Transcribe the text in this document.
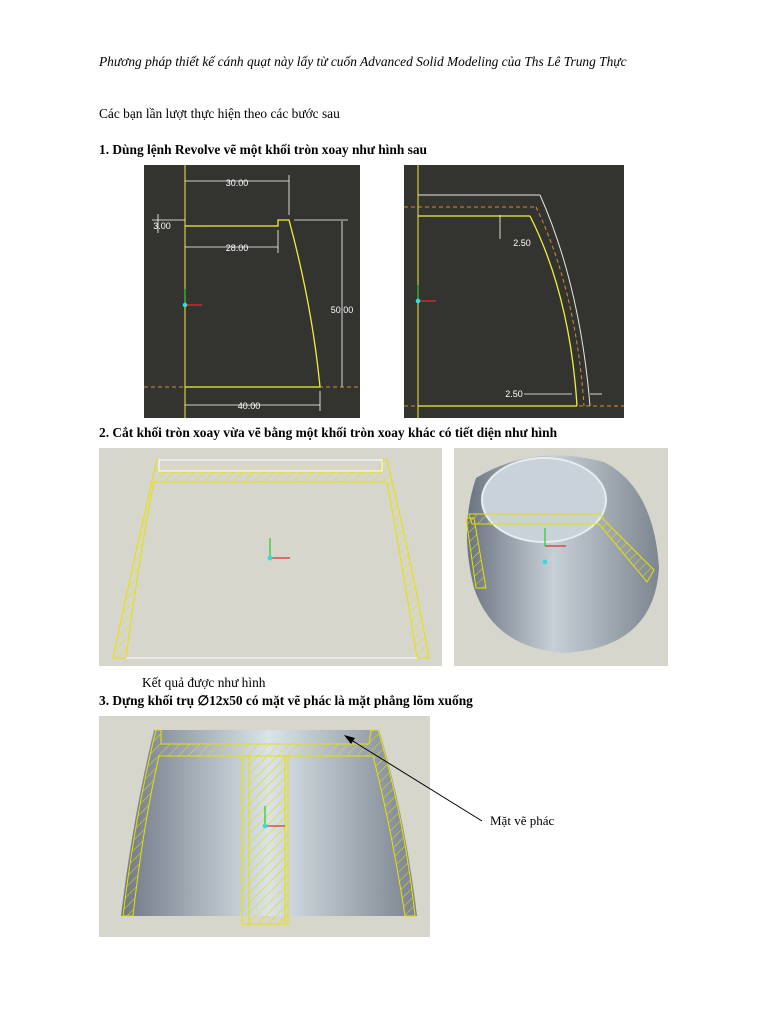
Phương pháp thiết kế cánh quạt này lấy từ cuốn Advanced Solid Modeling của Ths Lê Trung Thực
Các bạn lần lượt thực hiện theo các bước sau
1. Dùng lệnh Revolve vẽ một khối tròn xoay như hình sau
30.00
3.00
28.00
50.00
40.00
2.50
2.50
2. Cắt khối tròn xoay vừa vẽ bằng một khối tròn xoay khác có tiết diện như hình
Kết quả được như hình
3. Dựng khối trụ ∅12x50 có mặt vẽ phác là mặt phẳng lõm xuống
Mặt vẽ phác
